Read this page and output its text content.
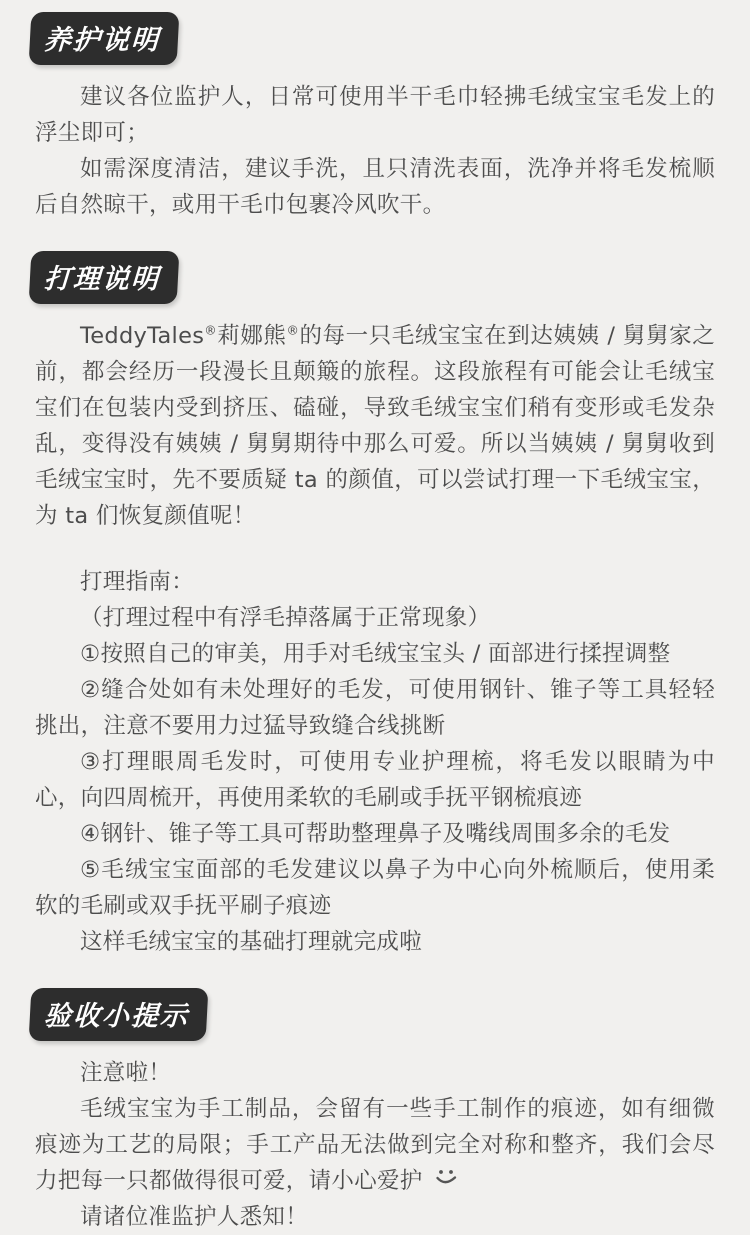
养护说明

建议各位监护人，日常可使用半干毛巾轻拂毛绒宝宝毛发上的浮尘即可；

如需深度清洁，建议手洗，且只清洗表面，洗净并将毛发梳顺后自然晾干，或用干毛巾包裹冷风吹干。

打理说明

TeddyTales®莉娜熊®的每一只毛绒宝宝在到达姨姨 / 舅舅家之前，都会经历一段漫长且颠簸的旅程。这段旅程有可能会让毛绒宝宝们在包装内受到挤压、磕碰，导致毛绒宝宝们稍有变形或毛发杂乱，变得没有姨姨 / 舅舅期待中那么可爱。所以当姨姨 / 舅舅收到毛绒宝宝时，先不要质疑 ta 的颜值，可以尝试打理一下毛绒宝宝，为 ta 们恢复颜值呢！

打理指南：

（打理过程中有浮毛掉落属于正常现象）

①按照自己的审美，用手对毛绒宝宝头 / 面部进行揉捏调整

②缝合处如有未处理好的毛发，可使用钢针、锥子等工具轻轻挑出，注意不要用力过猛导致缝合线挑断

③打理眼周毛发时，可使用专业护理梳，将毛发以眼睛为中心，向四周梳开，再使用柔软的毛刷或手抚平钢梳痕迹

④钢针、锥子等工具可帮助整理鼻子及嘴线周围多余的毛发

⑤毛绒宝宝面部的毛发建议以鼻子为中心向外梳顺后，使用柔软的毛刷或双手抚平刷子痕迹

这样毛绒宝宝的基础打理就完成啦

验收小提示

注意啦！

毛绒宝宝为手工制品，会留有一些手工制作的痕迹，如有细微痕迹为工艺的局限；手工产品无法做到完全对称和整齐，我们会尽力把每一只都做得很可爱，请小心爱护

请诸位准监护人悉知！
